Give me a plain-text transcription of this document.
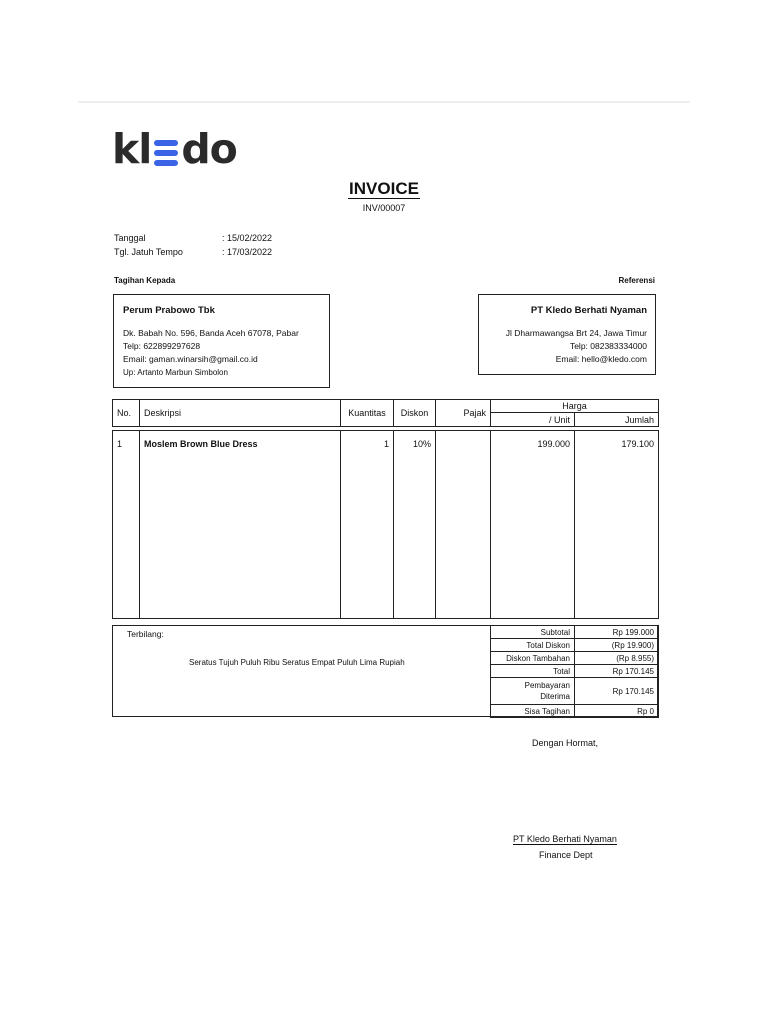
kl do
INVOICE
INV/00007
Tanggal	: 15/02/2022
Tgl. Jatuh Tempo	: 17/03/2022
Tagihan Kepada	Referensi
Perum Prabowo Tbk
Dk. Babah No. 596, Banda Aceh 67078, Pabar
Telp: 622899297628
Email: gaman.winarsih@gmail.co.id
Up: Artanto Marbun Simbolon
PT Kledo Berhati Nyaman
Jl Dharmawangsa Brt 24, Jawa Timur
Telp: 082383334000
Email: hello@kledo.com
No.	Deskripsi	Kuantitas	Diskon	Pajak	Harga	
					/ Unit	Jumlah

1	Moslem Brown Blue Dress	1	10%		199.000	179.100
Terbilang:
Seratus Tujuh Puluh Ribu Seratus Empat Puluh Lima Rupiah
Subtotal	Rp 199.000
Total Diskon	(Rp 19.900)
Diskon Tambahan	(Rp 8.955)
Total	Rp 170.145

Pembayaran
Diterima	Rp 170.145
Sisa Tagihan	Rp 0
Dengan Hormat,
PT Kledo Berhati Nyaman
Finance Dept
